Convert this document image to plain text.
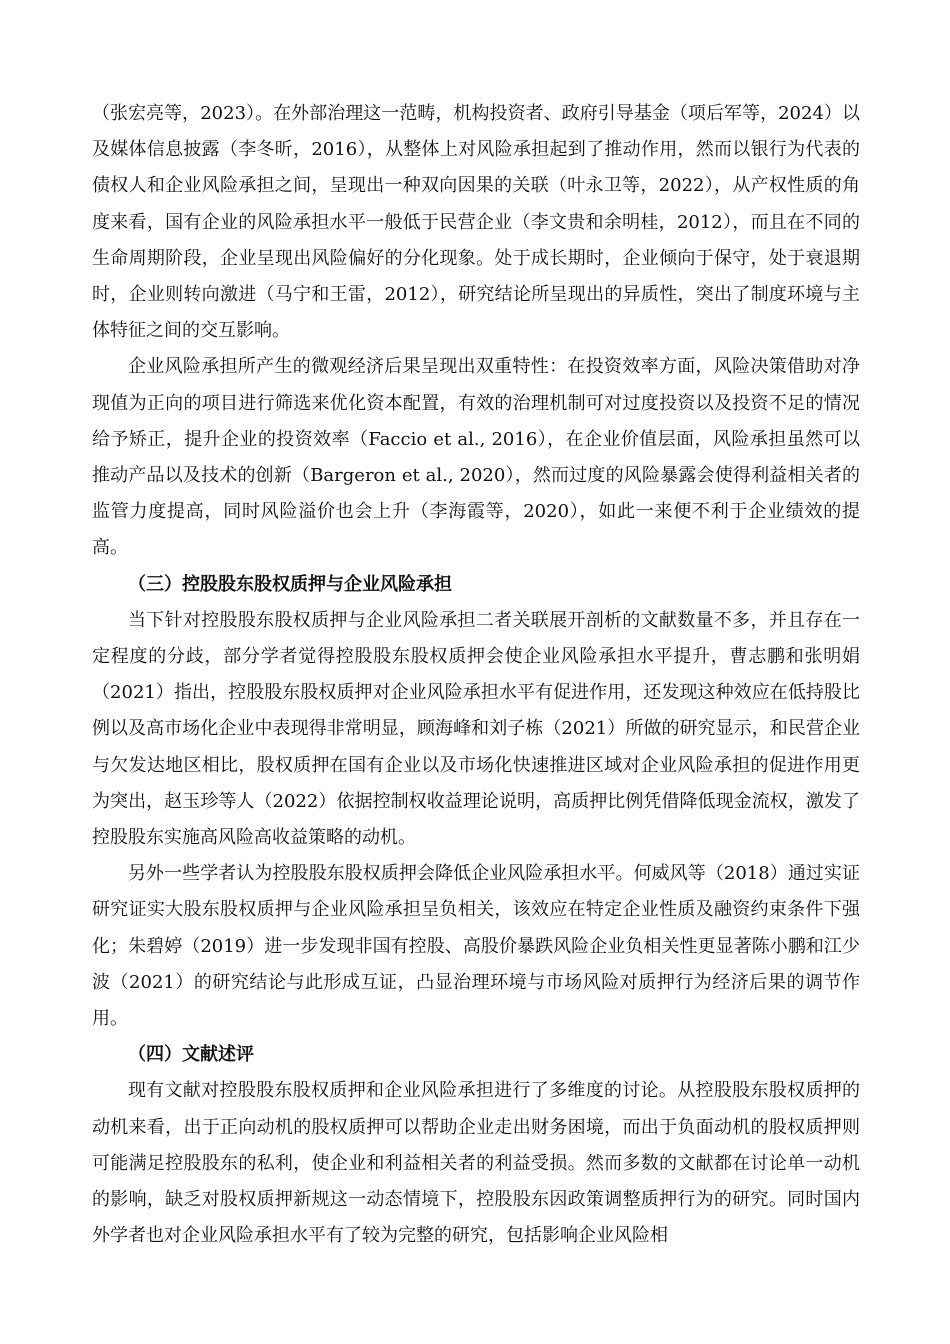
（张宏亮等，2023）。在外部治理这一范畴，机构投资者、政府引导基金（项后军等，2024）以及媒体信息披露（李冬昕，2016），从整体上对风险承担起到了推动作用，然而以银行为代表的债权人和企业风险承担之间，呈现出一种双向因果的关联（叶永卫等，2022），从产权性质的角度来看，国有企业的风险承担水平一般低于民营企业（李文贵和余明桂，2012），而且在不同的生命周期阶段，企业呈现出风险偏好的分化现象。处于成长期时，企业倾向于保守，处于衰退期时，企业则转向激进（马宁和王雷，2012），研究结论所呈现出的异质性，突出了制度环境与主体特征之间的交互影响。

企业风险承担所产生的微观经济后果呈现出双重特性：在投资效率方面，风险决策借助对净现值为正向的项目进行筛选来优化资本配置，有效的治理机制可对过度投资以及投资不足的情况给予矫正，提升企业的投资效率（Faccio et al., 2016），在企业价值层面，风险承担虽然可以推动产品以及技术的创新（Bargeron et al., 2020），然而过度的风险暴露会使得利益相关者的监管力度提高，同时风险溢价也会上升（李海霞等，2020），如此一来便不利于企业绩效的提高。

（三）控股股东股权质押与企业风险承担

当下针对控股股东股权质押与企业风险承担二者关联展开剖析的文献数量不多，并且存在一定程度的分歧，部分学者觉得控股股东股权质押会使企业风险承担水平提升，曹志鹏和张明娟（2021）指出，控股股东股权质押对企业风险承担水平有促进作用，还发现这种效应在低持股比例以及高市场化企业中表现得非常明显，顾海峰和刘子栋（2021）所做的研究显示，和民营企业与欠发达地区相比，股权质押在国有企业以及市场化快速推进区域对企业风险承担的促进作用更为突出，赵玉珍等人（2022）依据控制权收益理论说明，高质押比例凭借降低现金流权，激发了控股股东实施高风险高收益策略的动机。

另外一些学者认为控股股东股权质押会降低企业风险承担水平。何威风等（2018）通过实证研究证实大股东股权质押与企业风险承担呈负相关，该效应在特定企业性质及融资约束条件下强化；朱碧婷（2019）进一步发现非国有控股、高股价暴跌风险企业负相关性更显著陈小鹏和江少波（2021）的研究结论与此形成互证，凸显治理环境与市场风险对质押行为经济后果的调节作用。

（四）文献述评

现有文献对控股股东股权质押和企业风险承担进行了多维度的讨论。从控股股东股权质押的动机来看，出于正向动机的股权质押可以帮助企业走出财务困境，而出于负面动机的股权质押则可能满足控股股东的私利，使企业和利益相关者的利益受损。然而多数的文献都在讨论单一动机的影响，缺乏对股权质押新规这一动态情境下，控股股东因政策调整质押行为的研究。同时国内外学者也对企业风险承担水平有了较为完整的研究，包括影响企业风险相
